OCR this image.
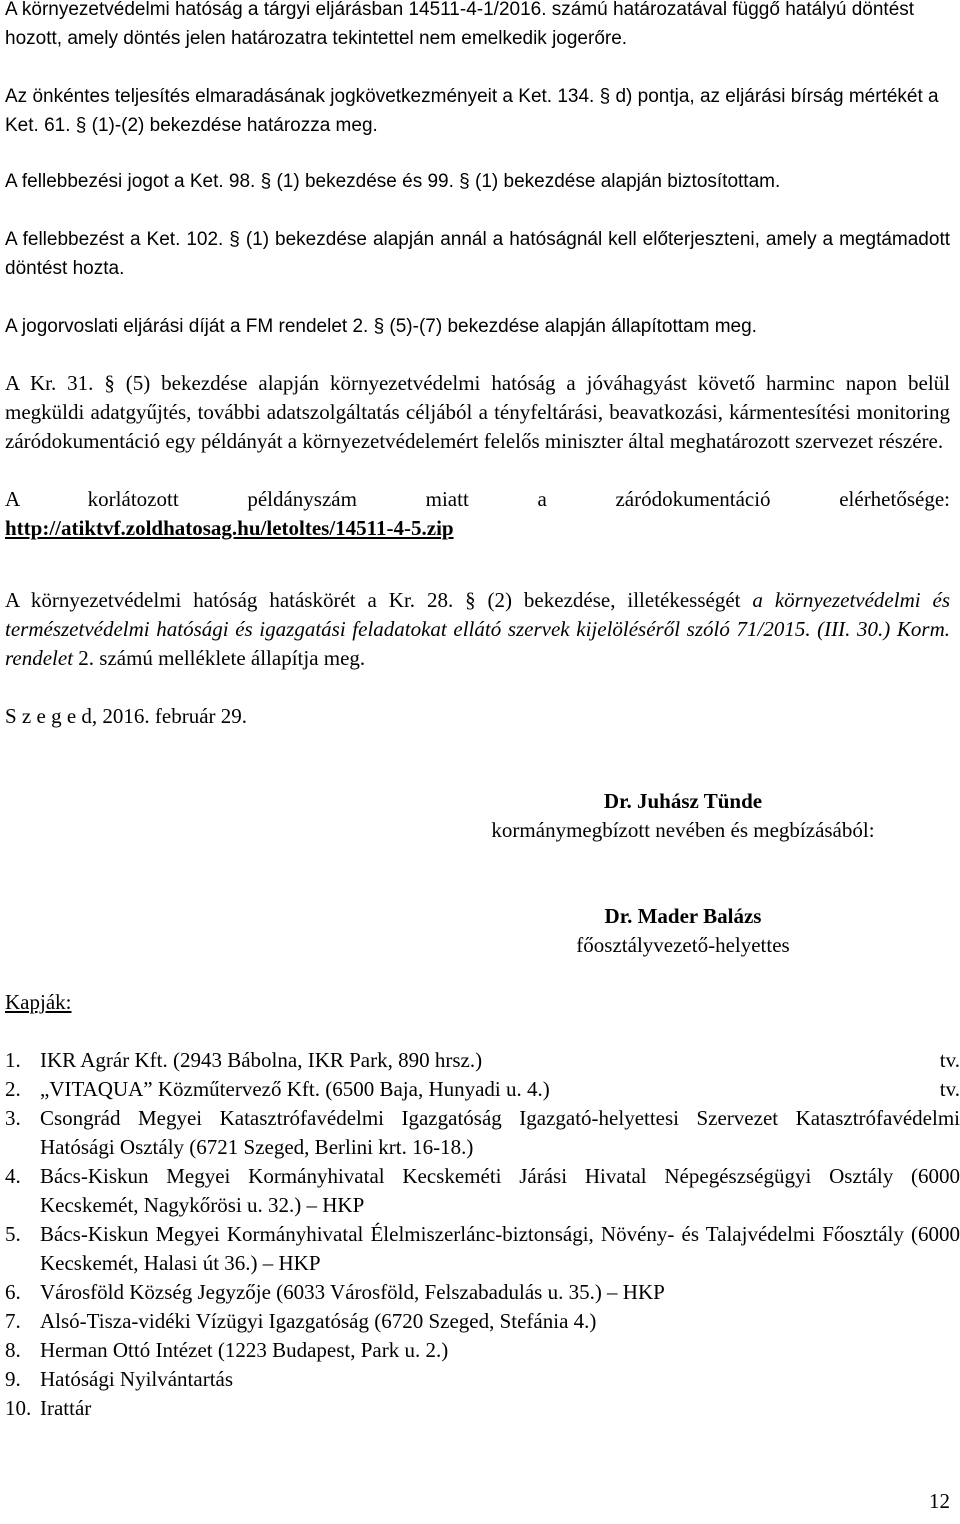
A környezetvédelmi hatóság a tárgyi eljárásban 14511-4-1/2016. számú határozatával függő hatályú döntést hozott, amely döntés jelen határozatra tekintettel nem emelkedik jogerőre.

Az önkéntes teljesítés elmaradásának jogkövetkezményeit a Ket. 134. § d) pontja, az eljárási bírság mértékét a Ket. 61. § (1)-(2) bekezdése határozza meg.

A fellebbezési jogot a Ket. 98. § (1) bekezdése és 99. § (1) bekezdése alapján biztosítottam.

A fellebbezést a Ket. 102. § (1) bekezdése alapján annál a hatóságnál kell előterjeszteni, amely a megtámadott döntést hozta.

A jogorvoslati eljárási díját a FM rendelet 2. § (5)-(7) bekezdése alapján állapítottam meg.

A Kr. 31. § (5) bekezdése alapján környezetvédelmi hatóság a jóváhagyást követő harminc napon belül megküldi adatgyűjtés, további adatszolgáltatás céljából a tényfeltárási, beavatkozási, kármentesítési monitoring záródokumentáció egy példányát a környezetvédelemért felelős miniszter által meghatározott szervezet részére.

A korlátozott példányszám miatt a záródokumentáció elérhetősége:

http://atiktvf.zoldhatosag.hu/letoltes/14511-4-5.zip

A környezetvédelmi hatóság hatáskörét a Kr. 28. § (2) bekezdése, illetékességét a környezetvédelmi és természetvédelmi hatósági és igazgatási feladatokat ellátó szervek kijelöléséről szóló 71/2015. (III. 30.) Korm. rendelet 2. számú melléklete állapítja meg.

S z e g e d, 2016. február 29.

Dr. Juhász Tünde
kormánymegbízott nevében és megbízásából:
Dr. Mader Balázs
főosztályvezető-helyettes

Kapják:

1. IKR Agrár Kft. (2943 Bábolna, IKR Park, 890 hrsz.)	tv.
2. „VITAQUA” Közműtervező Kft. (6500 Baja, Hunyadi u. 4.)	tv.
3. Csongrád Megyei Katasztrófavédelmi Igazgatóság Igazgató-helyettesi Szervezet Katasztrófavédelmi Hatósági Osztály (6721 Szeged, Berlini krt. 16-18.)
4. Bács-Kiskun Megyei Kormányhivatal Kecskeméti Járási Hivatal Népegészségügyi Osztály (6000 Kecskemét, Nagykőrösi u. 32.) – HKP
5. Bács-Kiskun Megyei Kormányhivatal Élelmiszerlánc-biztonsági, Növény- és Talajvédelmi Főosztály (6000 Kecskemét, Halasi út 36.) – HKP
6. Városföld Község Jegyzője (6033 Városföld, Felszabadulás u. 35.) – HKP
7. Alsó-Tisza-vidéki Vízügyi Igazgatóság (6720 Szeged, Stefánia 4.)
8. Herman Ottó Intézet (1223 Budapest, Park u. 2.)
9. Hatósági Nyilvántartás
10. Irattár
12
